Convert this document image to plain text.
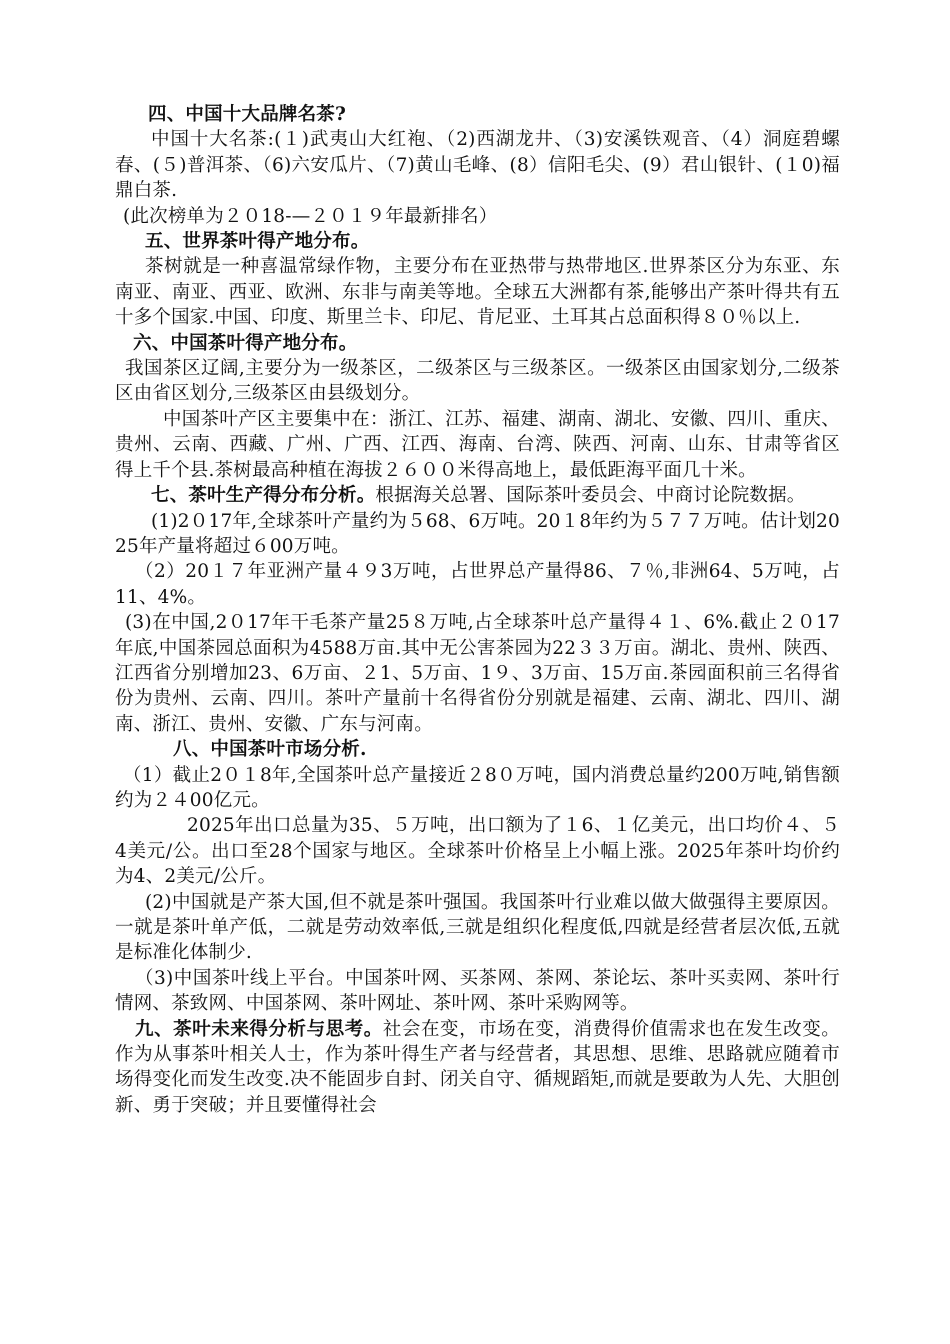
四、中国十大品牌名茶?

中国十大名茶:(１)武夷山大红袍、（2)西湖龙井、（3)安溪铁观音、（4）洞庭碧螺春、(５)普洱茶、（6)六安瓜片、（7)黄山毛峰、(8）信阳毛尖、(9）君山银针、(１0)福鼎白茶.

(此次榜单为２０18-—２０１９年最新排名）

五、世界茶叶得产地分布。

茶树就是一种喜温常绿作物，主要分布在亚热带与热带地区.世界茶区分为东亚、东南亚、南亚、西亚、欧洲、东非与南美等地。全球五大洲都有茶,能够出产茶叶得共有五十多个国家.中国、印度、斯里兰卡、印尼、肯尼亚、土耳其占总面积得８０％以上.

六、中国茶叶得产地分布。

我国茶区辽阔,主要分为一级茶区，二级茶区与三级茶区。一级茶区由国家划分,二级茶区由省区划分,三级茶区由县级划分。

中国茶叶产区主要集中在：浙江、江苏、福建、湖南、湖北、安徽、四川、重庆、贵州、云南、西藏、广州、广西、江西、海南、台湾、陕西、河南、山东、甘肃等省区得上千个县.茶树最高种植在海拔２６００米得高地上，最低距海平面几十米。

七、茶叶生产得分布分析。根据海关总署、国际茶叶委员会、中商讨论院数据。

(1)2０17年,全球茶叶产量约为５68、6万吨。20１8年约为５７７万吨。估计划2025年产量将超过６00万吨。

（2）20１７年亚洲产量４９3万吨，占世界总产量得86、７％,非洲64、5万吨，占11、4%。

(3)在中国,2０17年干毛茶产量25８万吨,占全球茶叶总产量得４１、6%.截止２０17年底,中国茶园总面积为4588万亩.其中无公害茶园为22３３万亩。湖北、贵州、陕西、江西省分别增加23、6万亩、２1、5万亩、1９、3万亩、15万亩.茶园面积前三名得省份为贵州、云南、四川。茶叶产量前十名得省份分别就是福建、云南、湖北、四川、湖南、浙江、贵州、安徽、广东与河南。

八、中国茶叶市场分析.

（1）截止2０１8年,全国茶叶总产量接近２8０万吨，国内消费总量约200万吨,销售额约为２４00亿元。

2025年出口总量为35、５万吨，出口额为了１6、１亿美元，出口均价４、５4美元/公。出口至28个国家与地区。全球茶叶价格呈上小幅上涨。2025年茶叶均价约为4、2美元/公斤。

(2)中国就是产茶大国,但不就是茶叶强国。我国茶叶行业难以做大做强得主要原因。一就是茶叶单产低，二就是劳动效率低,三就是组织化程度低,四就是经营者层次低,五就是标准化体制少.

（3)中国茶叶线上平台。中国茶叶网、买茶网、茶网、茶论坛、茶叶买卖网、茶叶行情网、茶致网、中国茶网、茶叶网址、茶叶网、茶叶采购网等。

九、茶叶未来得分析与思考。社会在变，市场在变，消费得价值需求也在发生改变。作为从事茶叶相关人士，作为茶叶得生产者与经营者，其思想、思维、思路就应随着市场得变化而发生改变.决不能固步自封、闭关自守、循规蹈矩,而就是要敢为人先、大胆创新、勇于突破；并且要懂得社会
